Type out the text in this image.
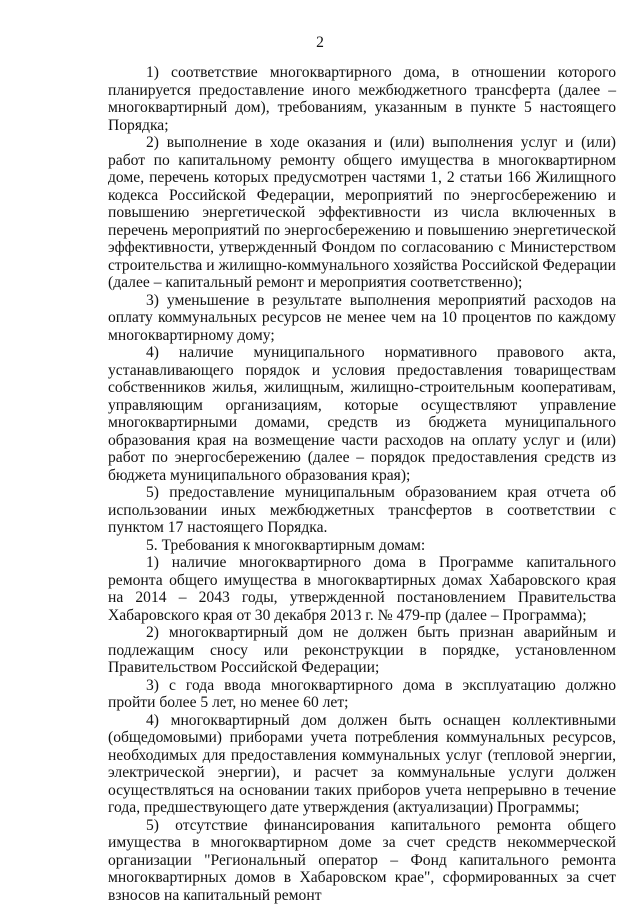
2

1) соответствие многоквартирного дома, в отношении которого планируется предоставление иного межбюджетного трансферта (далее – многоквартирный дом), требованиям, указанным в пункте 5 настоящего Порядка;

2) выполнение в ходе оказания и (или) выполнения услуг и (или) работ по капитальному ремонту общего имущества в многоквартирном доме, перечень которых предусмотрен частями 1, 2 статьи 166 Жилищного кодекса Российской Федерации, мероприятий по энергосбережению и повышению энергетической эффективности из числа включенных в перечень мероприятий по энергосбережению и повышению энергетической эффективности, утвержденный Фондом по согласованию с Министерством строительства и жилищно-коммунального хозяйства Российской Федерации (далее – капитальный ремонт и мероприятия соответственно);

3) уменьшение в результате выполнения мероприятий расходов на оплату коммунальных ресурсов не менее чем на 10 процентов по каждому многоквартирному дому;

4) наличие муниципального нормативного правового акта, устанавливающего порядок и условия предоставления товариществам собственников жилья, жилищным, жилищно-строительным кооперативам, управляющим организациям, которые осуществляют управление многоквартирными домами, средств из бюджета муниципального образования края на возмещение части расходов на оплату услуг и (или) работ по энергосбережению (далее – порядок предоставления средств из бюджета муниципального образования края);

5) предоставление муниципальным образованием края отчета об использовании иных межбюджетных трансфертов в соответствии с пунктом 17 настоящего Порядка.

5. Требования к многоквартирным домам:

1) наличие многоквартирного дома в Программе капитального ремонта общего имущества в многоквартирных домах Хабаровского края на 2014 – 2043 годы, утвержденной постановлением Правительства Хабаровского края от 30 декабря 2013 г. № 479-пр (далее – Программа);

2) многоквартирный дом не должен быть признан аварийным и подлежащим сносу или реконструкции в порядке, установленном Правительством Российской Федерации;

3) с года ввода многоквартирного дома в эксплуатацию должно пройти более 5 лет, но менее 60 лет;

4) многоквартирный дом должен быть оснащен коллективными (общедомовыми) приборами учета потребления коммунальных ресурсов, необходимых для предоставления коммунальных услуг (тепловой энергии, электрической энергии), и расчет за коммунальные услуги должен осуществляться на основании таких приборов учета непрерывно в течение года, предшествующего дате утверждения (актуализации) Программы;

5) отсутствие финансирования капитального ремонта общего имущества в многоквартирном доме за счет средств некоммерческой организации "Региональный оператор – Фонд капитального ремонта многоквартирных домов в Хабаровском крае", сформированных за счет взносов на капитальный ремонт
